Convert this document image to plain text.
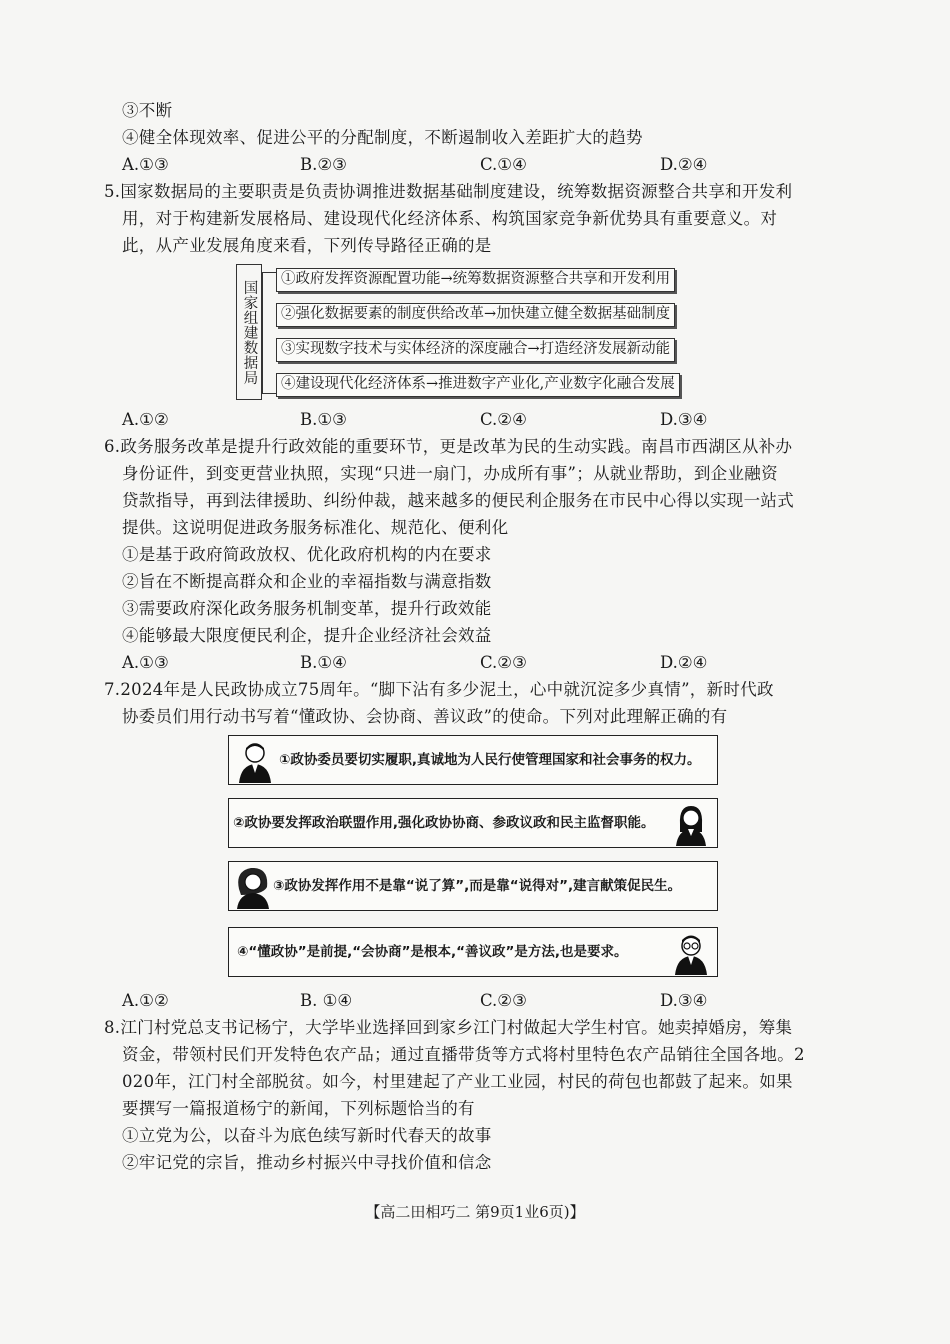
③不断
④健全体现效率、促进公平的分配制度，不断遏制收入差距扩大的趋势
A.①③	B.②③	C.①④	D.②④
5.国家数据局的主要职责是负责协调推进数据基础制度建设，统筹数据资源整合共享和开发利
用，对于构建新发展格局、建设现代化经济体系、构筑国家竞争新优势具有重要意义。对
此，从产业发展角度来看，下列传导路径正确的是
国家组建数据局
①政府发挥资源配置功能→统筹数据资源整合共享和开发利用
②强化数据要素的制度供给改革→加快建立健全数据基础制度
③实现数字技术与实体经济的深度融合→打造经济发展新动能
④建设现代化经济体系→推进数字产业化,产业数字化融合发展
A.①②	B.①③	C.②④	D.③④
6.政务服务改革是提升行政效能的重要环节，更是改革为民的生动实践。南昌市西湖区从补办
身份证件，到变更营业执照，实现“只进一扇门，办成所有事”；从就业帮助，到企业融资
贷款指导，再到法律援助、纠纷仲裁，越来越多的便民利企服务在市民中心得以实现一站式
提供。这说明促进政务服务标准化、规范化、便利化
①是基于政府简政放权、优化政府机构的内在要求
②旨在不断提高群众和企业的幸福指数与满意指数
③需要政府深化政务服务机制变革，提升行政效能
④能够最大限度便民利企，提升企业经济社会效益
A.①③	B.①④	C.②③	D.②④
7.2024年是人民政协成立75周年。“脚下沾有多少泥土，心中就沉淀多少真情”，新时代政
协委员们用行动书写着“懂政协、会协商、善议政”的使命。下列对此理解正确的有
①政协委员要切实履职,真诚地为人民行使管理国家和社会事务的权力。
②政协要发挥政治联盟作用,强化政协协商、参政议政和民主监督职能。
③政协发挥作用不是靠“说了算”,而是靠“说得对”,建言献策促民生。
④“懂政协”是前提,“会协商”是根本,“善议政”是方法,也是要求。
A.①②	B. ①④	C.②③	D.③④
8.江门村党总支书记杨宁，大学毕业选择回到家乡江门村做起大学生村官。她卖掉婚房，筹集
资金，带领村民们开发特色农产品；通过直播带货等方式将村里特色农产品销往全国各地。2
020年，江门村全部脱贫。如今，村里建起了产业工业园，村民的荷包也都鼓了起来。如果
要撰写一篇报道杨宁的新闻，下列标题恰当的有
①立党为公，以奋斗为底色续写新时代春天的故事
②牢记党的宗旨，推动乡村振兴中寻找价值和信念
【高二田相巧二 第9页1业6页)】
